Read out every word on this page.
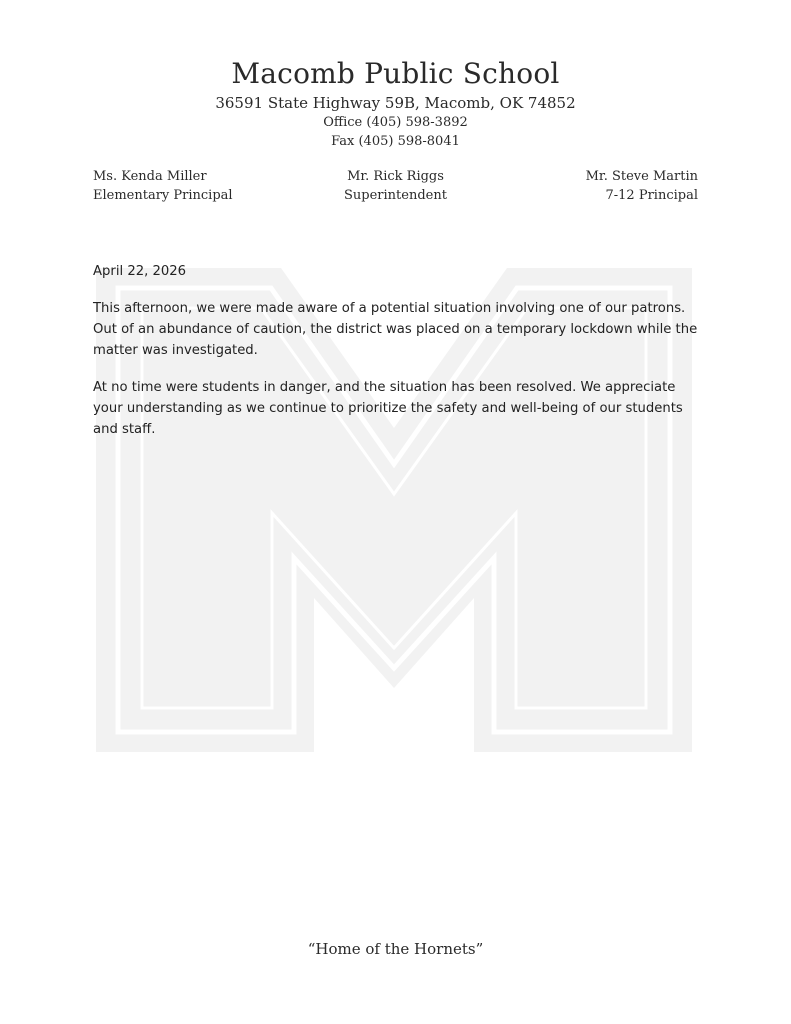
Macomb Public School
36591 State Highway 59B, Macomb, OK 74852
Office (405) 598-3892
Fax (405) 598-8041
Ms. Kenda Miller
Elementary Principal
Mr. Rick Riggs
Superintendent
Mr. Steve Martin
7-12 Principal
April 22, 2026

This afternoon, we were made aware of a potential situation involving one of our patrons. Out of an abundance of caution, the district was placed on a temporary lockdown while the matter was investigated.

At no time were students in danger, and the situation has been resolved. We appreciate your understanding as we continue to prioritize the safety and well-being of our students and staff.

“Home of the Hornets”
